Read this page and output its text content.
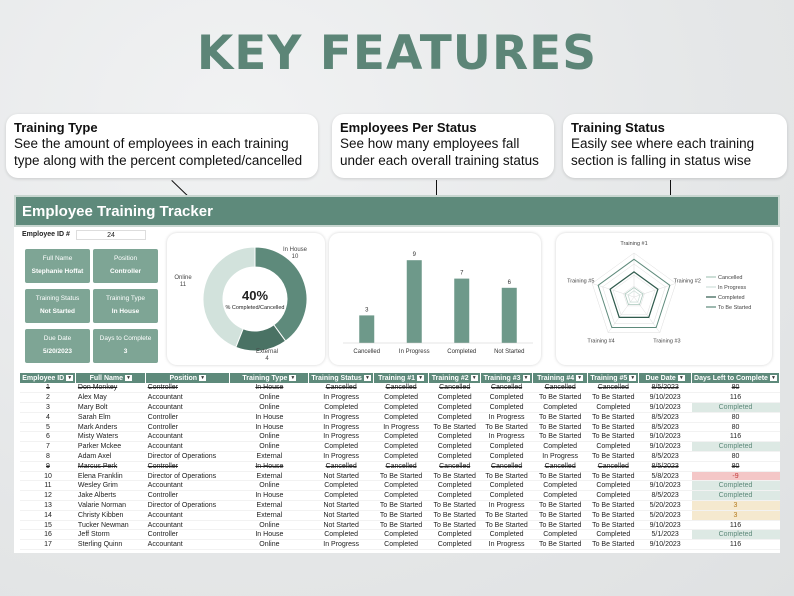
KEY FEATURES
Training Type
See the amount of employees in each training type along with the percent completed/cancelled
Employees Per Status
See how many employees fall under each overall training status
Training Status
Easily see where each training section is falling in status wise
Employee Training Tracker
Employee ID #	24
Full Name
Stephanie Hoffat
Position
Controller
Training Status
Not Started
Training Type
In House
Due Date
5/20/2023
Days to Complete
3
Online
11
In House
10
External
4
40%
% Completed/Cancelled	3
Cancelled
9
In Progress
7
Completed
6
Not Started
Training #1
Training #2
Training #3
Training #4
Training #5
Cancelled
In Progress
Completed
To Be Started
Employee ID ▼	Full Name ▼	Position ▼	Training Type ▼	Training Status ▼	Training #1 ▼	Training #2 ▼	Training #3 ▼	Training #4 ▼	Training #5 ▼	Due Date ▼	Days Left to Complete ▼
1	Don Monkey	Controller	In House	Cancelled	Cancelled	Cancelled	Cancelled	Cancelled	Cancelled	8/5/2023	80
2	Alex May	Accountant	Online	In Progress	Completed	Completed	Completed	To Be Started	To Be Started	9/10/2023	116
3	Mary Bolt	Accountant	Online	Completed	Completed	Completed	Completed	Completed	Completed	9/10/2023	Completed
4	Sarah Elm	Controller	In House	In Progress	Completed	Completed	In Progress	To Be Started	To Be Started	8/5/2023	80
5	Mark Anders	Controller	In House	In Progress	In Progress	To Be Started	To Be Started	To Be Started	To Be Started	8/5/2023	80
6	Misty Waters	Accountant	Online	In Progress	Completed	Completed	In Progress	To Be Started	To Be Started	9/10/2023	116
7	Parker Mckee	Accountant	Online	Completed	Completed	Completed	Completed	Completed	Completed	9/10/2023	Completed
8	Adam Axel	Director of Operations	External	In Progress	Completed	Completed	Completed	In Progress	To Be Started	8/5/2023	80
9	Marcus Perk	Controller	In House	Cancelled	Cancelled	Cancelled	Cancelled	Cancelled	Cancelled	8/5/2023	80
10	Elena Franklin	Director of Operations	External	Not Started	To Be Started	To Be Started	To Be Started	To Be Started	To Be Started	5/8/2023	-9
11	Wesley Grim	Accountant	Online	Completed	Completed	Completed	Completed	Completed	Completed	9/10/2023	Completed
12	Jake Alberts	Controller	In House	Completed	Completed	Completed	Completed	Completed	Completed	8/5/2023	Completed
13	Valarie Norman	Director of Operations	External	Not Started	To Be Started	To Be Started	In Progress	To Be Started	To Be Started	5/20/2023	3
14	Christy Kibben	Accountant	External	Not Started	To Be Started	To Be Started	To Be Started	To Be Started	To Be Started	5/20/2023	3
15	Tucker Newman	Accountant	Online	Not Started	To Be Started	To Be Started	To Be Started	To Be Started	To Be Started	9/10/2023	116
16	Jeff Storm	Controller	In House	Completed	Completed	Completed	Completed	Completed	Completed	5/1/2023	Completed
17	Sterling Quinn	Accountant	Online	In Progress	Completed	Completed	In Progress	To Be Started	To Be Started	9/10/2023	116
